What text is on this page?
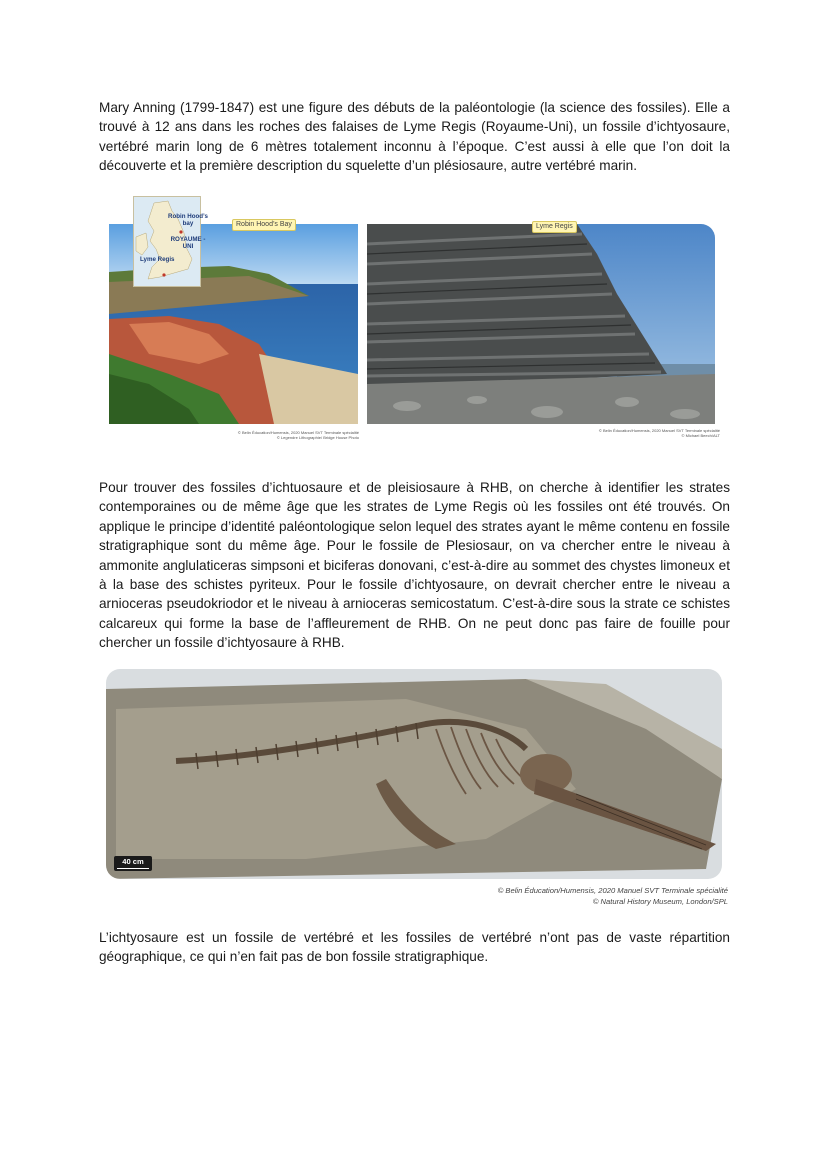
Mary Anning (1799-1847) est une figure des débuts de la paléontologie (la science des fossiles). Elle a trouvé à 12 ans dans les roches des falaises de Lyme Regis (Royaume-Uni), un fossile d’ichtyosaure, vertébré marin long de 6 mètres totalement inconnu à l’époque. C’est aussi à elle que l’on doit la découverte et la première description du squelette d’un plésiosaure, autre vertébré marin.

Robin Hood’s bay
ROYAUME -UNI
Lyme Regis
Robin Hood’s Bay	Lyme Regis
© Belin Éducation/Humensis, 2020 Manuel SVT Terminale spécialité
© Legendre Lithographie/ Bridge House Photo
© Belin Éducation/Humensis, 2020 Manuel SVT Terminale spécialité
© Michael Beech/ALT

Pour trouver des fossiles d’ichtuosaure et de pleisiosaure à RHB, on cherche à identifier les strates contemporaines ou de même âge que les strates de Lyme Regis où les fossiles ont été trouvés. On applique le principe d’identité paléontologique selon lequel des strates ayant le même contenu en fossile stratigraphique sont du même âge. Pour le fossile de Plesiosaur, on va chercher entre le niveau à ammonite anglulaticeras simpsoni et biciferas donovani, c’est-à-dire au sommet des chystes limoneux et à la base des schistes pyriteux. Pour le fossile d’ichtyosaure, on devrait chercher entre le niveau a arnioceras pseudokriodor et le niveau à arnioceras semicostatum. C’est-à-dire sous la strate ce schistes calcareux qui forme la base de l’affleurement de RHB. On ne peut donc pas faire de fouille pour chercher un fossile d’ichtyosaure à RHB.

40 cm
© Belin Éducation/Humensis, 2020 Manuel SVT Terminale spécialité
© Natural History Museum, London/SPL

L’ichtyosaure est un fossile de vertébré et les fossiles de vertébré n’ont pas de vaste répartition géographique, ce qui n’en fait pas de bon fossile stratigraphique.
